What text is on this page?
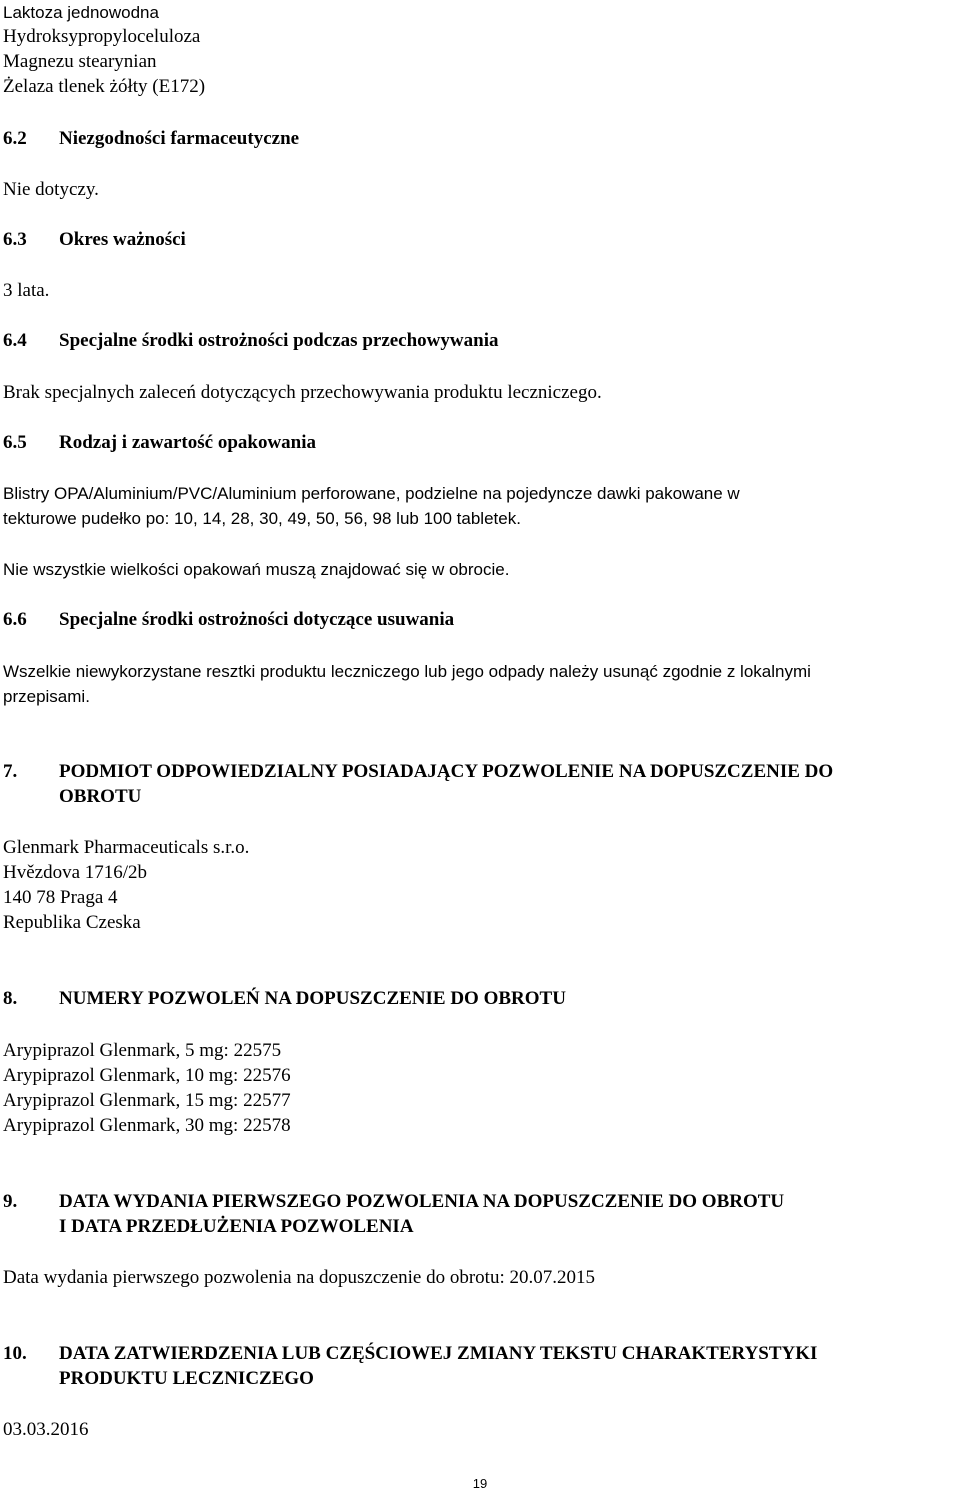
Laktoza jednowodna
Hydroksypropyloceluloza
Magnezu stearynian
Żelaza tlenek żółty (E172)
6.2 Niezgodności farmaceutyczne
Nie dotyczy.
6.3 Okres ważności
3 lata.
6.4 Specjalne środki ostrożności podczas przechowywania
Brak specjalnych zaleceń dotyczących przechowywania produktu leczniczego.
6.5 Rodzaj i zawartość opakowania
Blistry OPA/Aluminium/PVC/Aluminium perforowane, podzielne na pojedyncze dawki pakowane w
tekturowe pudełko po: 10, 14, 28, 30, 49, 50, 56, 98 lub 100 tabletek.
Nie wszystkie wielkości opakowań muszą znajdować się w obrocie.
6.6 Specjalne środki ostrożności dotyczące usuwania
Wszelkie niewykorzystane resztki produktu leczniczego lub jego odpady należy usunąć zgodnie z lokalnymi
przepisami.
7. PODMIOT ODPOWIEDZIALNY POSIADAJĄCY POZWOLENIE NA DOPUSZCZENIE DO
OBROTU
Glenmark Pharmaceuticals s.r.o.
Hvězdova 1716/2b
140 78 Praga 4
Republika Czeska
8. NUMERY POZWOLEŃ NA DOPUSZCZENIE DO OBROTU
Arypiprazol Glenmark, 5 mg: 22575
Arypiprazol Glenmark, 10 mg: 22576
Arypiprazol Glenmark, 15 mg: 22577
Arypiprazol Glenmark, 30 mg: 22578
9. DATA WYDANIA PIERWSZEGO POZWOLENIA NA DOPUSZCZENIE DO OBROTU
I DATA PRZEDŁUŻENIA POZWOLENIA
Data wydania pierwszego pozwolenia na dopuszczenie do obrotu: 20.07.2015
10. DATA ZATWIERDZENIA LUB CZĘŚCIOWEJ ZMIANY TEKSTU CHARAKTERYSTYKI
PRODUKTU LECZNICZEGO
03.03.2016
19
